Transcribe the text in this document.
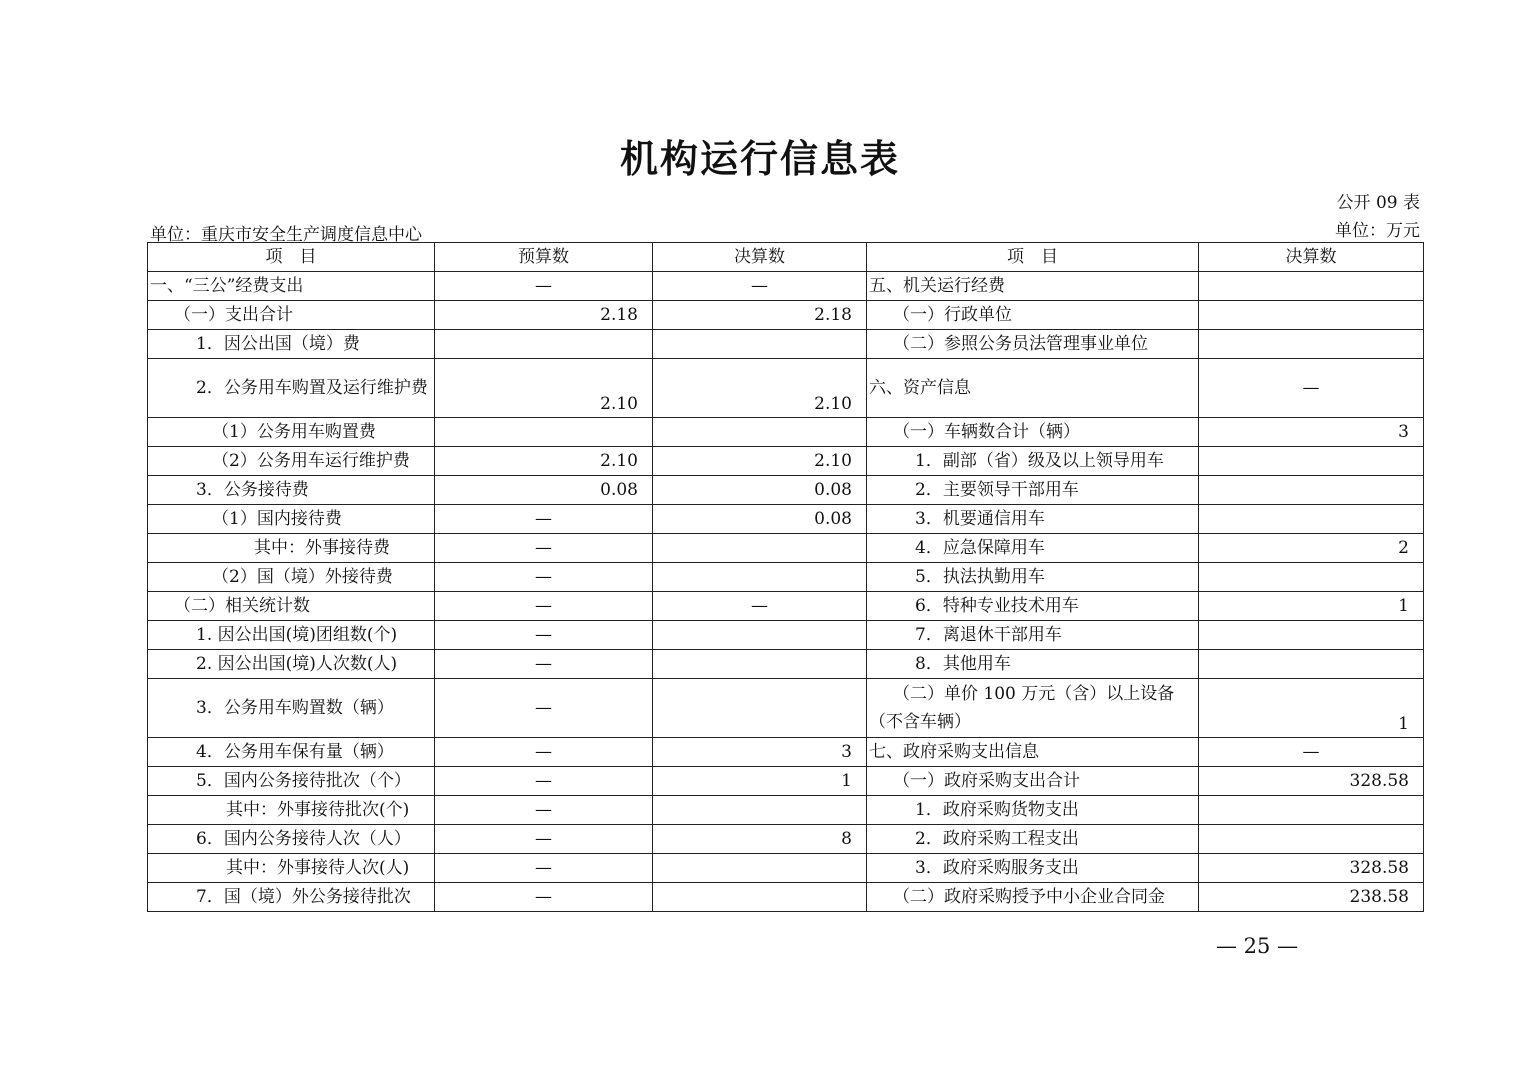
机构运行信息表
公开 09 表
单位：重庆市安全生产调度信息中心	单位：万元
项　目	预算数	决算数	项　目	决算数
一、“三公”经费支出	—	—	五、机关运行经费	
（一）支出合计	2.18	2.18	（一）行政单位	
1．因公出国（境）费			（二）参照公务员法管理事业单位	
2．公务用车购置及运行维护费	2.10	2.10	六、资产信息	—
（1）公务用车购置费			（一）车辆数合计（辆）	3
（2）公务用车运行维护费	2.10	2.10	1．副部（省）级及以上领导用车	
3．公务接待费	0.08	0.08	2．主要领导干部用车	
（1）国内接待费	—	0.08	3．机要通信用车	
其中：外事接待费	—		4．应急保障用车	2
（2）国（境）外接待费	—		5．执法执勤用车	
（二）相关统计数	—	—	6．特种专业技术用车	1
1. 因公出国(境)团组数(个)	—		7．离退休干部用车	
2. 因公出国(境)人次数(人)	—		8．其他用车	
3．公务用车购置数（辆）	—		（二）单价 100 万元（含）以上设备（不含车辆）	1
4．公务用车保有量（辆）	—	3	七、政府采购支出信息	—
5．国内公务接待批次（个）	—	1	（一）政府采购支出合计	328.58
其中：外事接待批次(个)	—		1．政府采购货物支出	
6．国内公务接待人次（人）	—	8	2．政府采购工程支出	
其中：外事接待人次(人)	—		3．政府采购服务支出	328.58
7．国（境）外公务接待批次	—		（二）政府采购授予中小企业合同金	238.58
— 25 —
